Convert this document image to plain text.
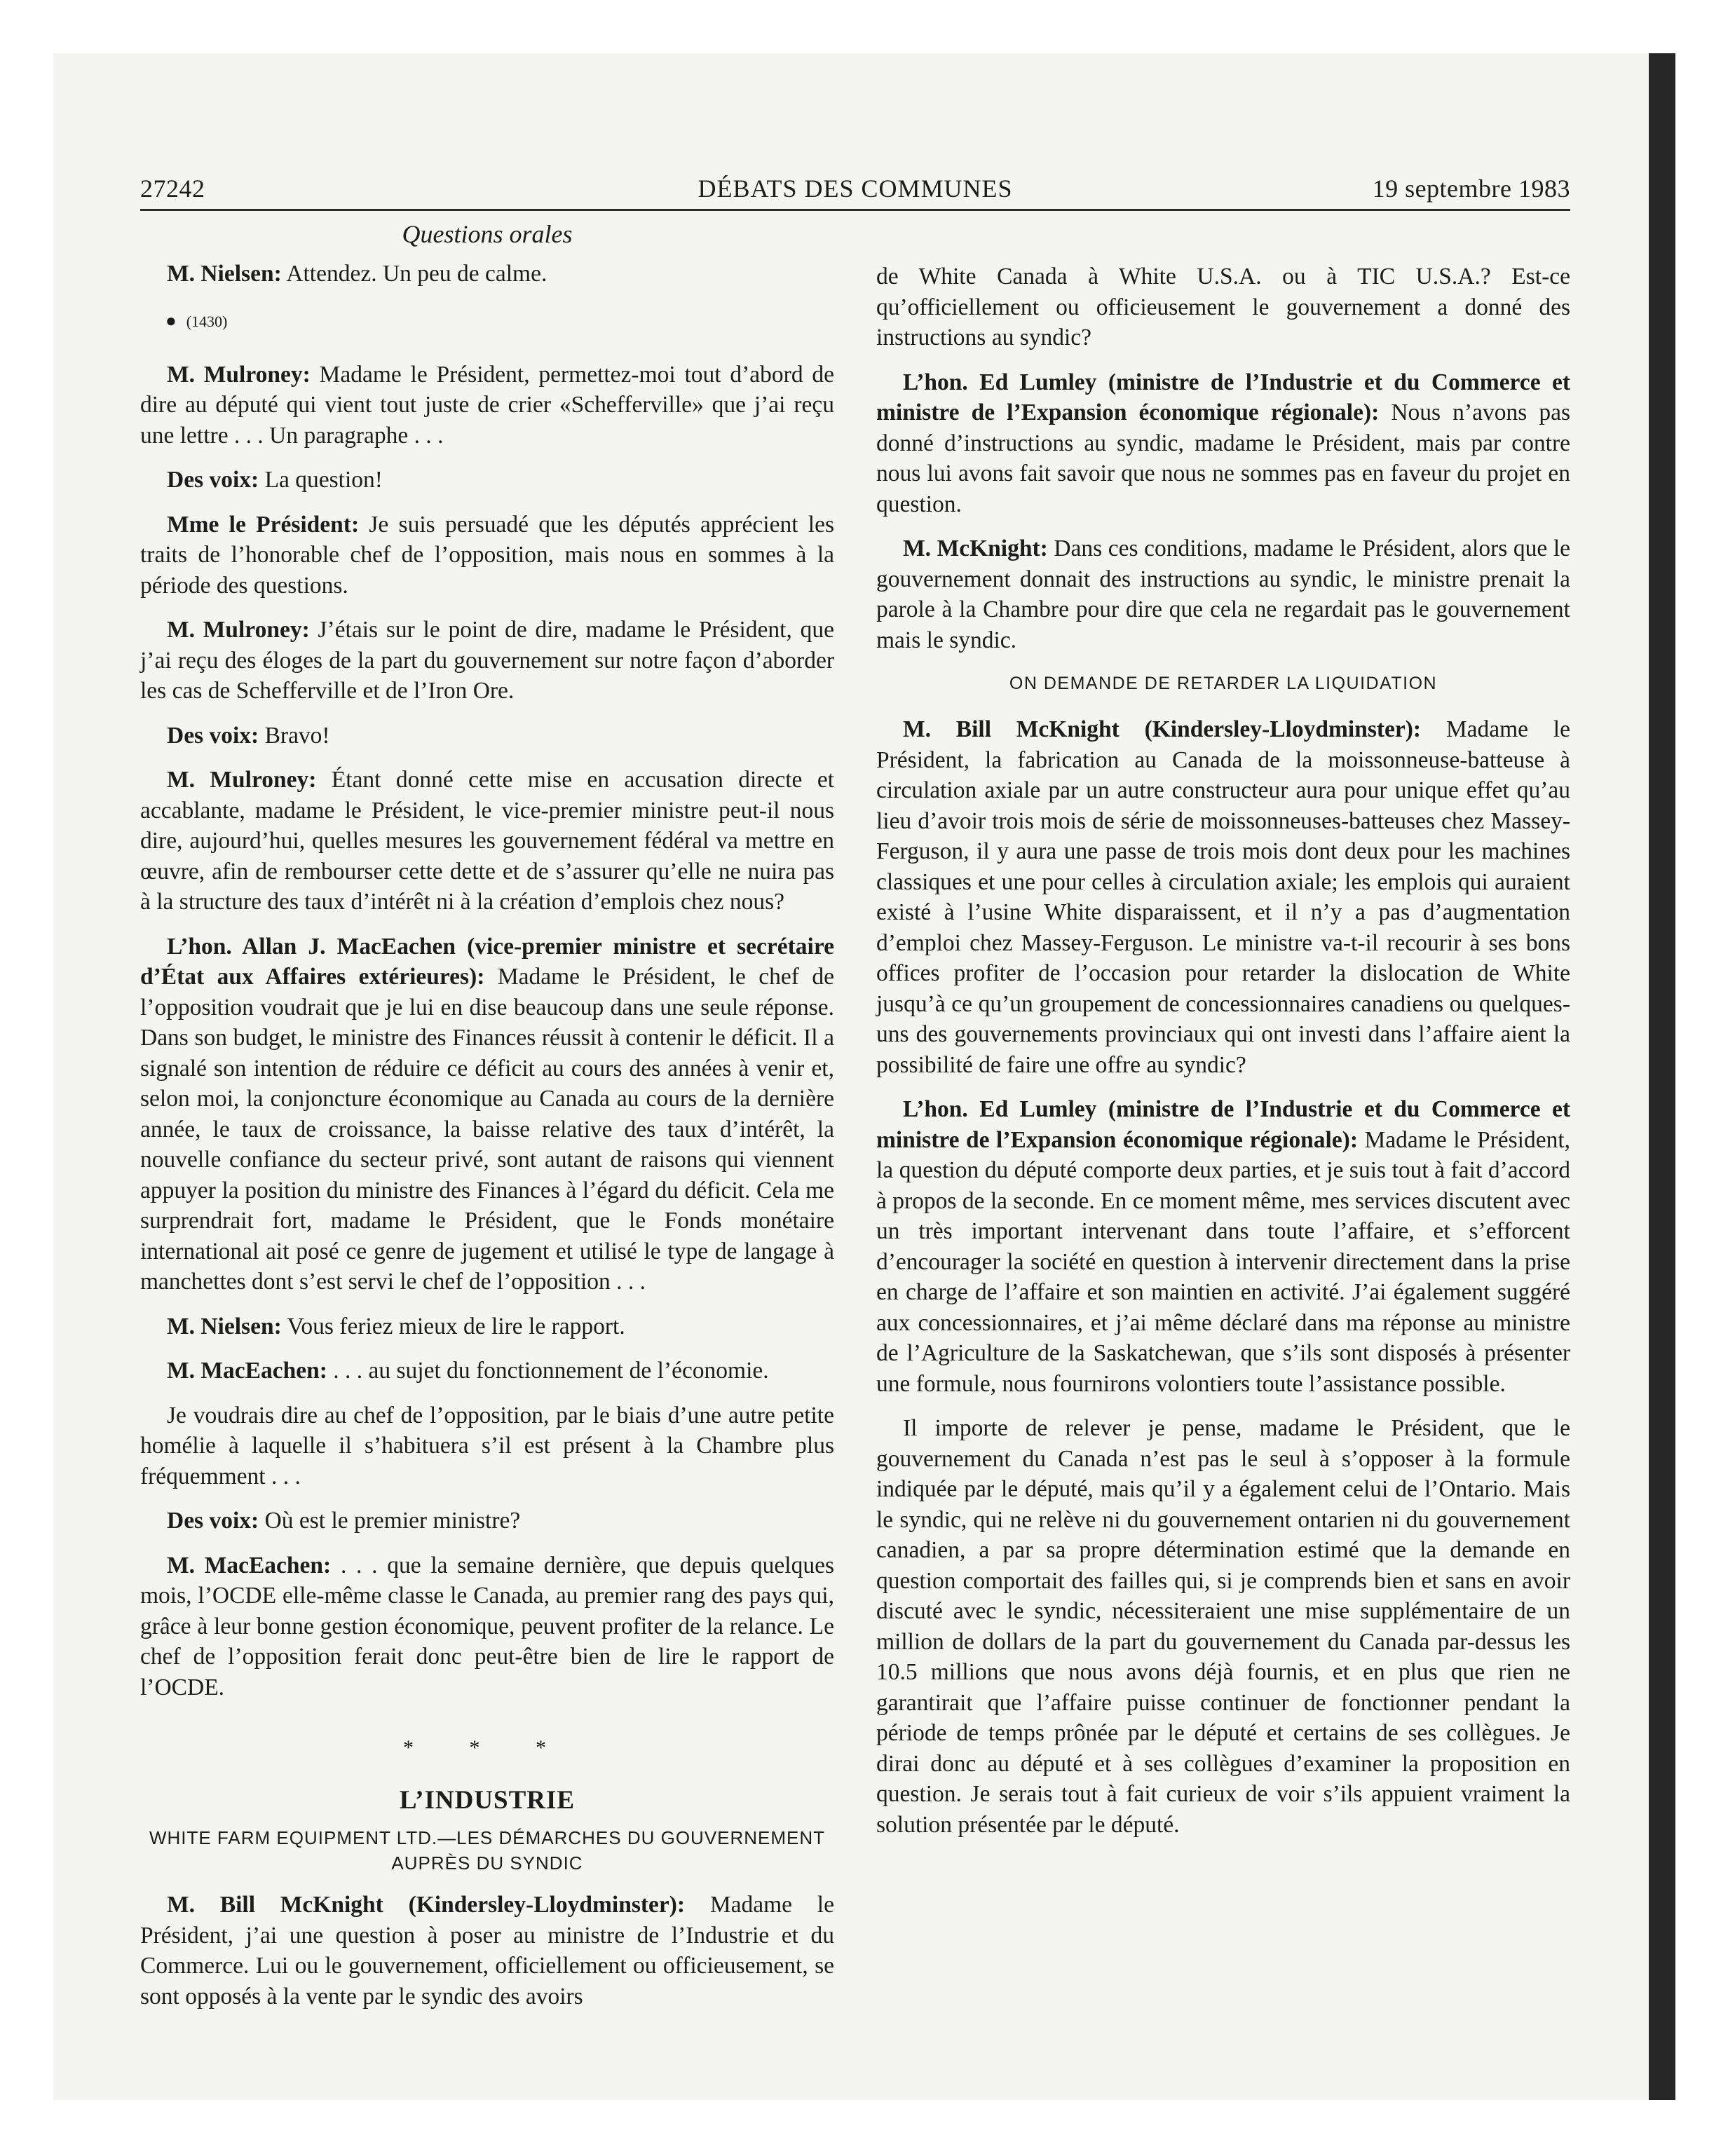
27242	DÉBATS DES COMMUNES	19 septembre 1983
Questions orales

M. Nielsen: Attendez. Un peu de calme.

● (1430)

M. Mulroney: Madame le Président, permettez-moi tout d’abord de dire au député qui vient tout juste de crier «Schefferville» que j’ai reçu une lettre . . . Un paragraphe . . .

Des voix: La question!

Mme le Président: Je suis persuadé que les députés apprécient les traits de l’honorable chef de l’opposition, mais nous en sommes à la période des questions.

M. Mulroney: J’étais sur le point de dire, madame le Président, que j’ai reçu des éloges de la part du gouvernement sur notre façon d’aborder les cas de Schefferville et de l’Iron Ore.

Des voix: Bravo!

M. Mulroney: Étant donné cette mise en accusation directe et accablante, madame le Président, le vice-premier ministre peut-il nous dire, aujourd’hui, quelles mesures les gouvernement fédéral va mettre en œuvre, afin de rembourser cette dette et de s’assurer qu’elle ne nuira pas à la structure des taux d’intérêt ni à la création d’emplois chez nous?

L’hon. Allan J. MacEachen (vice-premier ministre et secrétaire d’État aux Affaires extérieures): Madame le Président, le chef de l’opposition voudrait que je lui en dise beaucoup dans une seule réponse. Dans son budget, le ministre des Finances réussit à contenir le déficit. Il a signalé son intention de réduire ce déficit au cours des années à venir et, selon moi, la conjoncture économique au Canada au cours de la dernière année, le taux de croissance, la baisse relative des taux d’intérêt, la nouvelle confiance du secteur privé, sont autant de raisons qui viennent appuyer la position du ministre des Finances à l’égard du déficit. Cela me surprendrait fort, madame le Président, que le Fonds monétaire international ait posé ce genre de jugement et utilisé le type de langage à manchettes dont s’est servi le chef de l’opposition . . .

M. Nielsen: Vous feriez mieux de lire le rapport.

M. MacEachen: . . . au sujet du fonctionnement de l’économie.

Je voudrais dire au chef de l’opposition, par le biais d’une autre petite homélie à laquelle il s’habituera s’il est présent à la Chambre plus fréquemment . . .

Des voix: Où est le premier ministre?

M. MacEachen: . . . que la semaine dernière, que depuis quelques mois, l’OCDE elle-même classe le Canada, au premier rang des pays qui, grâce à leur bonne gestion économique, peuvent profiter de la relance. Le chef de l’opposition ferait donc peut-être bien de lire le rapport de l’OCDE.

* * *
L’INDUSTRIE
WHITE FARM EQUIPMENT LTD.—LES DÉMARCHES DU GOUVERNEMENT AUPRÈS DU SYNDIC

M. Bill McKnight (Kindersley-Lloydminster): Madame le Président, j’ai une question à poser au ministre de l’Industrie et du Commerce. Lui ou le gouvernement, officiellement ou officieusement, se sont opposés à la vente par le syndic des avoirs

de White Canada à White U.S.A. ou à TIC U.S.A.? Est-ce qu’officiellement ou officieusement le gouvernement a donné des instructions au syndic?

L’hon. Ed Lumley (ministre de l’Industrie et du Commerce et ministre de l’Expansion économique régionale): Nous n’avons pas donné d’instructions au syndic, madame le Président, mais par contre nous lui avons fait savoir que nous ne sommes pas en faveur du projet en question.

M. McKnight: Dans ces conditions, madame le Président, alors que le gouvernement donnait des instructions au syndic, le ministre prenait la parole à la Chambre pour dire que cela ne regardait pas le gouvernement mais le syndic.

ON DEMANDE DE RETARDER LA LIQUIDATION

M. Bill McKnight (Kindersley-Lloydminster): Madame le Président, la fabrication au Canada de la moissonneuse-batteuse à circulation axiale par un autre constructeur aura pour unique effet qu’au lieu d’avoir trois mois de série de moissonneuses-batteuses chez Massey-Ferguson, il y aura une passe de trois mois dont deux pour les machines classiques et une pour celles à circulation axiale; les emplois qui auraient existé à l’usine White disparaissent, et il n’y a pas d’augmentation d’emploi chez Massey-Ferguson. Le ministre va-t-il recourir à ses bons offices profiter de l’occasion pour retarder la dislocation de White jusqu’à ce qu’un groupement de concessionnaires canadiens ou quelques-uns des gouvernements provinciaux qui ont investi dans l’affaire aient la possibilité de faire une offre au syndic?

L’hon. Ed Lumley (ministre de l’Industrie et du Commerce et ministre de l’Expansion économique régionale): Madame le Président, la question du député comporte deux parties, et je suis tout à fait d’accord à propos de la seconde. En ce moment même, mes services discutent avec un très important intervenant dans toute l’affaire, et s’efforcent d’encourager la société en question à intervenir directement dans la prise en charge de l’affaire et son maintien en activité. J’ai également suggéré aux concessionnaires, et j’ai même déclaré dans ma réponse au ministre de l’Agriculture de la Saskatchewan, que s’ils sont disposés à présenter une formule, nous fournirons volontiers toute l’assistance possible.

Il importe de relever je pense, madame le Président, que le gouvernement du Canada n’est pas le seul à s’opposer à la formule indiquée par le député, mais qu’il y a également celui de l’Ontario. Mais le syndic, qui ne relève ni du gouvernement ontarien ni du gouvernement canadien, a par sa propre détermination estimé que la demande en question comportait des failles qui, si je comprends bien et sans en avoir discuté avec le syndic, nécessiteraient une mise supplémentaire de un million de dollars de la part du gouvernement du Canada par-dessus les 10.5 millions que nous avons déjà fournis, et en plus que rien ne garantirait que l’affaire puisse continuer de fonctionner pendant la période de temps prônée par le député et certains de ses collègues. Je dirai donc au député et à ses collègues d’examiner la proposition en question. Je serais tout à fait curieux de voir s’ils appuient vraiment la solution présentée par le député.
